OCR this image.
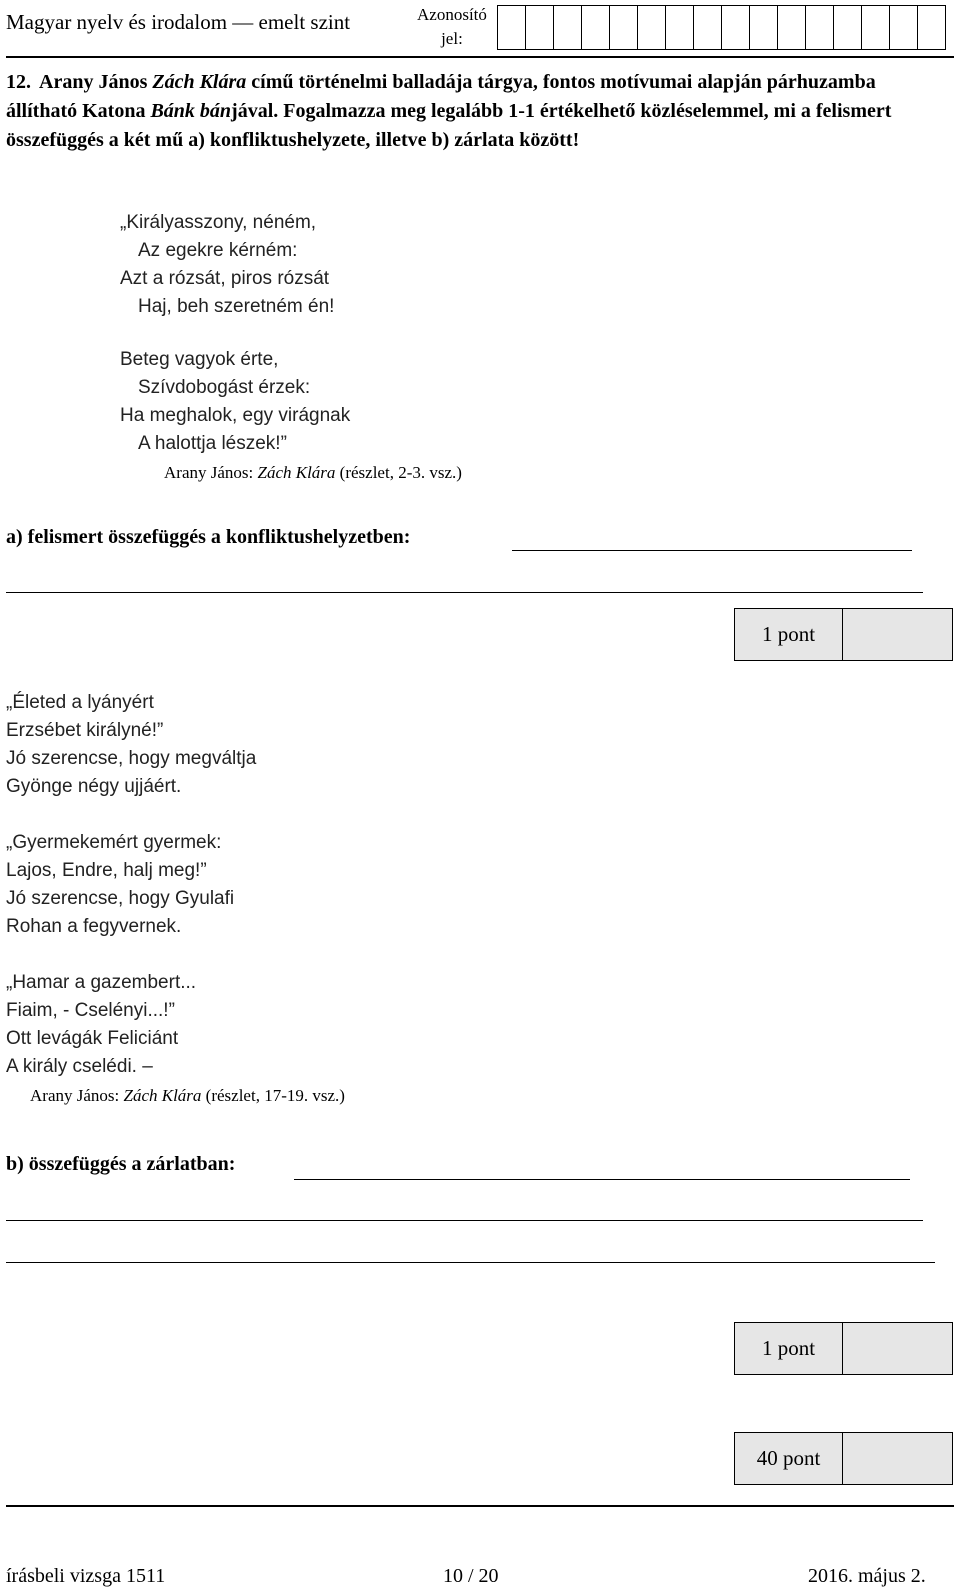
Magyar nyelv és irodalom — emelt szint	Azonosító
jel:
12. Arany János Zách Klára című történelmi balladája tárgya, fontos motívumai alapján párhuzamba állítható Katona Bánk bánjával. Fogalmazza meg legalább 1-1 értékelhető közléselemmel, mi a felismert összefüggés a két mű a) konfliktushelyzete, illetve b) zárlata között!
„Királyasszony, néném,
Az egekre kérném:
Azt a rózsát, piros rózsát
Haj, beh szeretném én!
Beteg vagyok érte,
Szívdobogást érzek:
Ha meghalok, egy virágnak
A halottja lészek!”
Arany János: Zách Klára (részlet, 2-3. vsz.)
a) felismert összefüggés a konfliktushelyzetben:
1 pont
„Életed a lyányért
Erzsébet királyné!”
Jó szerencse, hogy megváltja
Gyönge négy ujjáért.
„Gyermekemért gyermek:
Lajos, Endre, halj meg!”
Jó szerencse, hogy Gyulafi
Rohan a fegyvernek.
„Hamar a gazembert...
Fiaim, - Cselényi...!”
Ott levágák Feliciánt
A király cselédi. –
Arany János: Zách Klára (részlet, 17-19. vsz.)
b) összefüggés a zárlatban:
1 pont
40 pont
írásbeli vizsga 1511	10 / 20	2016. május 2.
